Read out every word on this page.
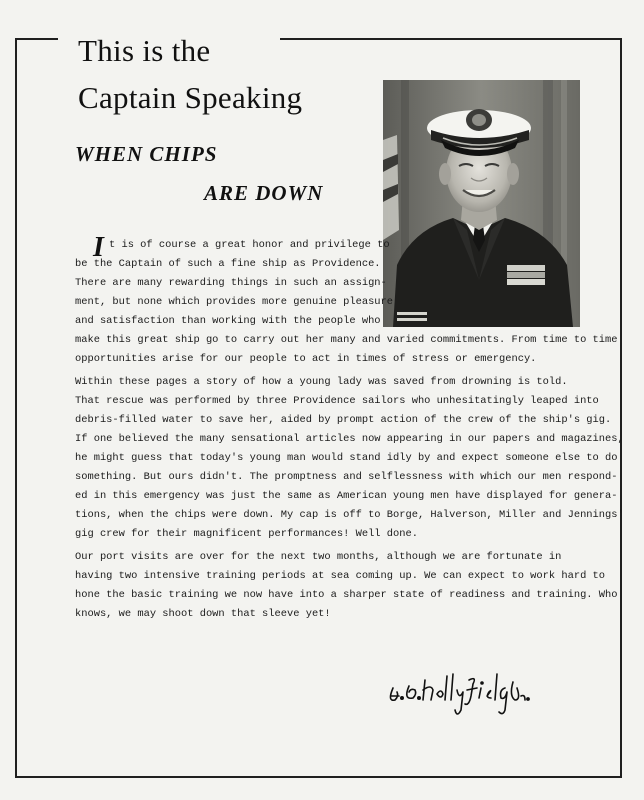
This is the
Captain Speaking
WHEN CHIPS
ARE DOWN
I t is of course a great honor and privilege to
be the Captain of such a fine ship as Providence.
There are many rewarding things in such an assign-
ment, but none which provides more genuine pleasure
and satisfaction than working with the people who
make this great ship go to carry out her many and varied commitments. From time to time
opportunities arise for our people to act in times of stress or emergency.
Within these pages a story of how a young lady was saved from drowning is told.
That rescue was performed by three Providence sailors who unhesitatingly leaped into
debris-filled water to save her, aided by prompt action of the crew of the ship's gig.
If one believed the many sensational articles now appearing in our papers and magazines,
he might guess that today's young man would stand idly by and expect someone else to do
something. But ours didn't. The promptness and selflessness with which our men respond-
ed in this emergency was just the same as American young men have displayed for genera-
tions, when the chips were down. My cap is off to Borge, Halverson, Miller and Jennings'
gig crew for their magnificent performances! Well done.
Our port visits are over for the next two months, although we are fortunate in
having two intensive training periods at sea coming up. We can expect to work hard to
hone the basic training we now have into a sharper state of readiness and training. Who
knows, we may shoot down that sleeve yet!
